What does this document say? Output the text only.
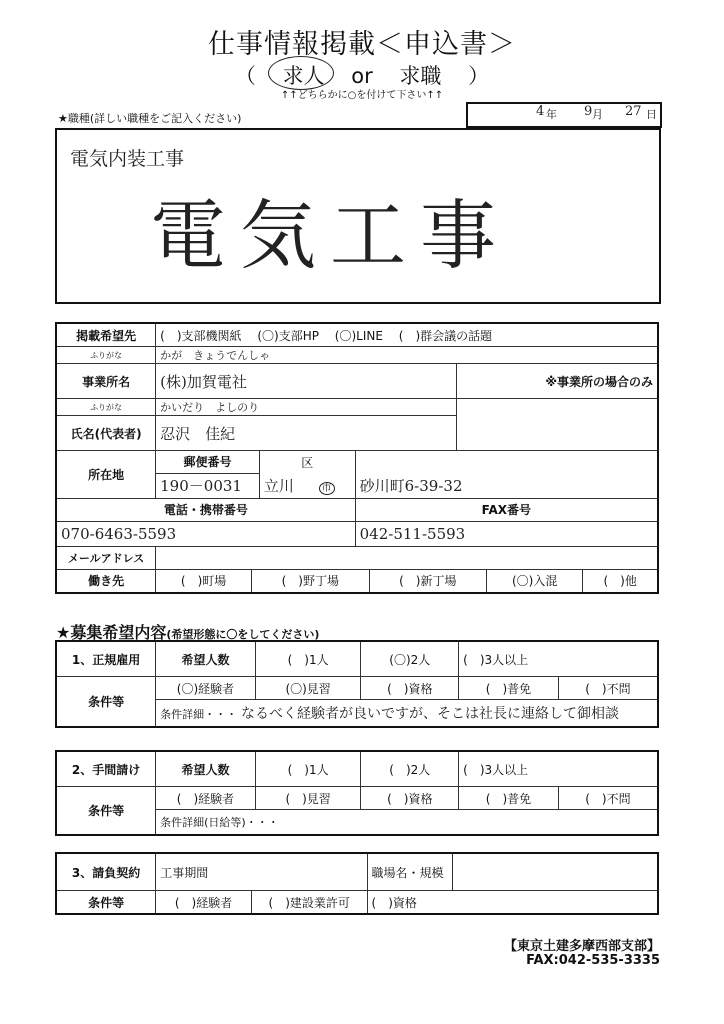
仕事情報掲載＜申込書＞
（ 求人 or 求職 ）
↑↑どちらかに○を付けて下さい↑↑
★職種(詳しい職種をご記入ください)	4 年 9 月 27 日
電気内装工事
電気工事
掲載希望先	(　)支部機関紙　 (〇)支部HP　 (〇)LINE　 (　)群会議の話題
ふりがな	かが　きょうでんしゃ
事業所名	(株)加賀電社	※事業所の場合のみ
ふりがな	かいだり　よしのり	
氏名(代表者)	忍沢　佳紀
所在地	郵便番号	区	
190－0031	立川	市	砂川町6-39-32
電話・携帯番号	FAX番号
070-6463-5593	042-511-5593
メールアドレス	
働き先		(　)町場	(　)野丁場	(　)新丁場	(〇)入混	(　)他
★募集希望内容(希望形態に〇をしてください)
1、正規雇用	希望人数	(　)1人	(〇)2人	(　)3人以上	
条件等	(〇)経験者	(〇)見習	(　)資格	(　)普免	(　)不問
	条件詳細・・・ なるべく経験者が良いですが、そこは社長に連絡して御相談				
2、手間請け	希望人数	(　)1人	(　)2人	(　)3人以上	
条件等	(　)経験者	(　)見習	(　)資格	(　)普免	(　)不問
	条件詳細(日給等)・・・				
3、請負契約	工事期間		職場名・規模	
条件等	(　)経験者	(　)建設業許可	(　)資格	
【東京土建多摩西部支部】
FAX:042-535-3335
